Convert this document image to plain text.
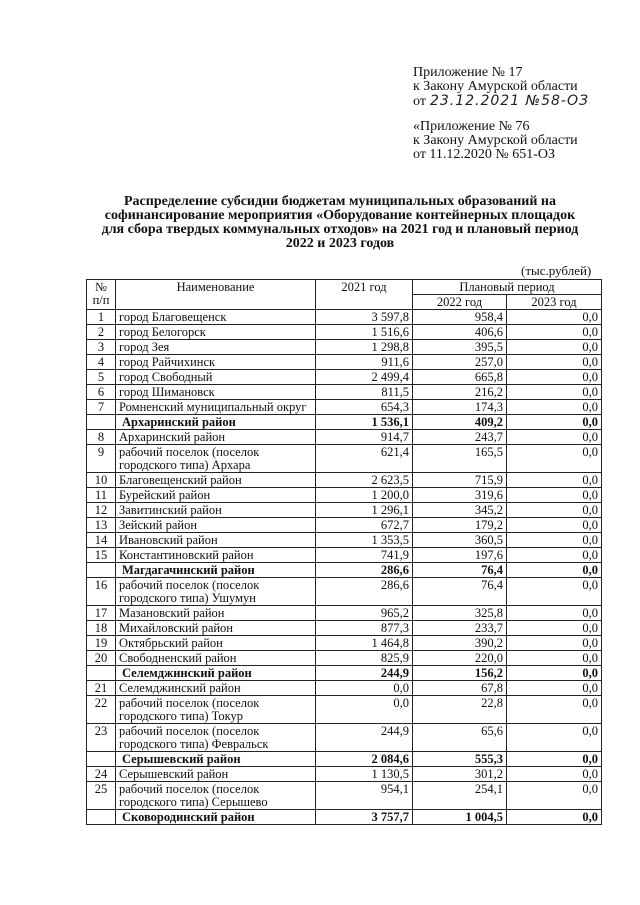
Приложение № 17
к Закону Амурской области
от 23.12.2021 №58-ОЗ
«Приложение № 76
к Закону Амурской области
от 11.12.2020 № 651-ОЗ
Распределение субсидии бюджетам муниципальных образований на софинансирование мероприятия «Оборудование контейнерных площадок для сбора твердых коммунальных отходов» на 2021 год и плановый период 2022 и 2023 годов
(тыс.рублей)
№ п/п	Наименование	2021 год	Плановый период	
			2022 год	2023 год
1	город Благовещенск	3 597,8	958,4	0,0
2	город Белогорск	1 516,6	406,6	0,0
3	город Зея	1 298,8	395,5	0,0
4	город Райчихинск	911,6	257,0	0,0
5	город Свободный	2 499,4	665,8	0,0
6	город Шимановск	811,5	216,2	0,0
7	Ромненский муниципальный округ	654,3	174,3	0,0
	Архаринский район	1 536,1	409,2	0,0
8	Архаринский район	914,7	243,7	0,0
9	рабочий поселок (поселок городского типа) Архара	621,4	165,5	0,0
10	Благовещенский район	2 623,5	715,9	0,0
11	Бурейский район	1 200,0	319,6	0,0
12	Завитинский район	1 296,1	345,2	0,0
13	Зейский район	672,7	179,2	0,0
14	Ивановский район	1 353,5	360,5	0,0
15	Константиновский район	741,9	197,6	0,0
	Магдагачинский район	286,6	76,4	0,0
16	рабочий поселок (поселок городского типа) Ушумун	286,6	76,4	0,0
17	Мазановский район	965,2	325,8	0,0
18	Михайловский район	877,3	233,7	0,0
19	Октябрьский район	1 464,8	390,2	0,0
20	Свободненский район	825,9	220,0	0,0
	Селемджинский район	244,9	156,2	0,0
21	Селемджинский район	0,0	67,8	0,0
22	рабочий поселок (поселок городского типа) Токур	0,0	22,8	0,0
23	рабочий поселок (поселок городского типа) Февральск	244,9	65,6	0,0
	Серышевский район	2 084,6	555,3	0,0
24	Серышевский район	1 130,5	301,2	0,0
25	рабочий поселок (поселок городского типа) Серышево	954,1	254,1	0,0
	Сковородинский район	3 757,7	1 004,5	0,0
